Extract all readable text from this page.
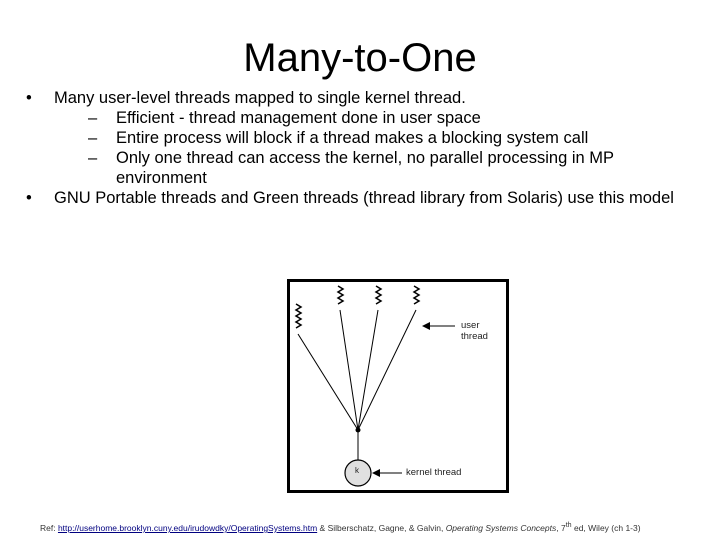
Many-to-One
• Many user-level threads mapped to single kernel thread.
– Efficient - thread management done in user space
– Entire process will block if a thread makes a blocking system call
– Only one thread can access the kernel, no parallel processing in MP environment
• GNU Portable threads and Green threads (thread library from Solaris) use this model
user thread
kernel thread
k
Ref: http://userhome.brooklyn.cuny.edu/irudowdky/OperatingSystems.htm & Silberschatz, Gagne, & Galvin, Operating Systems Concepts, 7th ed, Wiley (ch 1-3)
